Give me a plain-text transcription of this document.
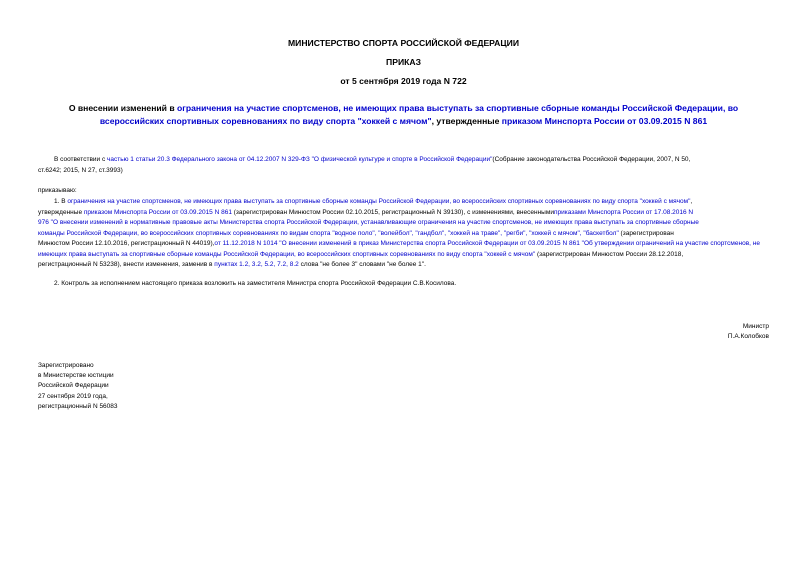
МИНИСТЕРСТВО СПОРТА РОССИЙСКОЙ ФЕДЕРАЦИИ
ПРИКАЗ
от 5 сентября 2019 года N 722
О внесении изменений в ограничения на участие спортсменов, не имеющих права выступать за спортивные сборные команды Российской Федерации, во всероссийских спортивных соревнованиях по виду спорта "хоккей с мячом", утвержденные приказом Минспорта России от 03.09.2015 N 861
В соответствии с частью 1 статьи 20.3 Федерального закона от 04.12.2007 N 329-ФЗ "О физической культуре и спорте в Российской Федерации"(Собрание законодательства Российской Федерации, 2007, N 50,
ст.6242; 2015, N 27, ст.3993)
приказываю:
1. В ограничения на участие спортсменов, не имеющих права выступать за спортивные сборные команды Российской Федерации, во всероссийских спортивных соревнованиях по виду спорта "хоккей с мячом",
утвержденные приказом Минспорта России от 03.09.2015 N 861 (зарегистрирован Минюстом России 02.10.2015, регистрационный N 39130), с изменениями, внесеннымиприказами Минспорта России от 17.08.2016 N
976 "О внесении изменений в нормативные правовые акты Министерства спорта Российской Федерации, устанавливающие ограничения на участие спортсменов, не имеющих права выступать за спортивные сборные
команды Российской Федерации, во всероссийских спортивных соревнованиях по видам спорта "водное поло", "волейбол", "гандбол", "хоккей на траве", "регби", "хоккей с мячом", "баскетбол" (зарегистрирован
Минюстом России 12.10.2016, регистрационный N 44019),от 11.12.2018 N 1014 "О внесении изменений в приказ Министерства спорта Российской Федерации от 03.09.2015 N 861 "Об утверждении ограничений на участие спортсменов, не
имеющих права выступать за спортивные сборные команды Российской Федерации, во всероссийских спортивных соревнованиях по виду спорта "хоккей с мячом" (зарегистрирован Минюстом России 28.12.2018,
регистрационный N 53238), внести изменения, заменив в пунктах 1.2, 3.2, 5.2, 7.2, 8.2 слова "не более 3" словами "не более 1".
2. Контроль за исполнением настоящего приказа возложить на заместителя Министра спорта Российской Федерации С.В.Косилова.
Министр
П.А.Колобков
Зарегистрировано
в Министерстве юстиции
Российской Федерации
27 сентября 2019 года,
регистрационный N 56083
